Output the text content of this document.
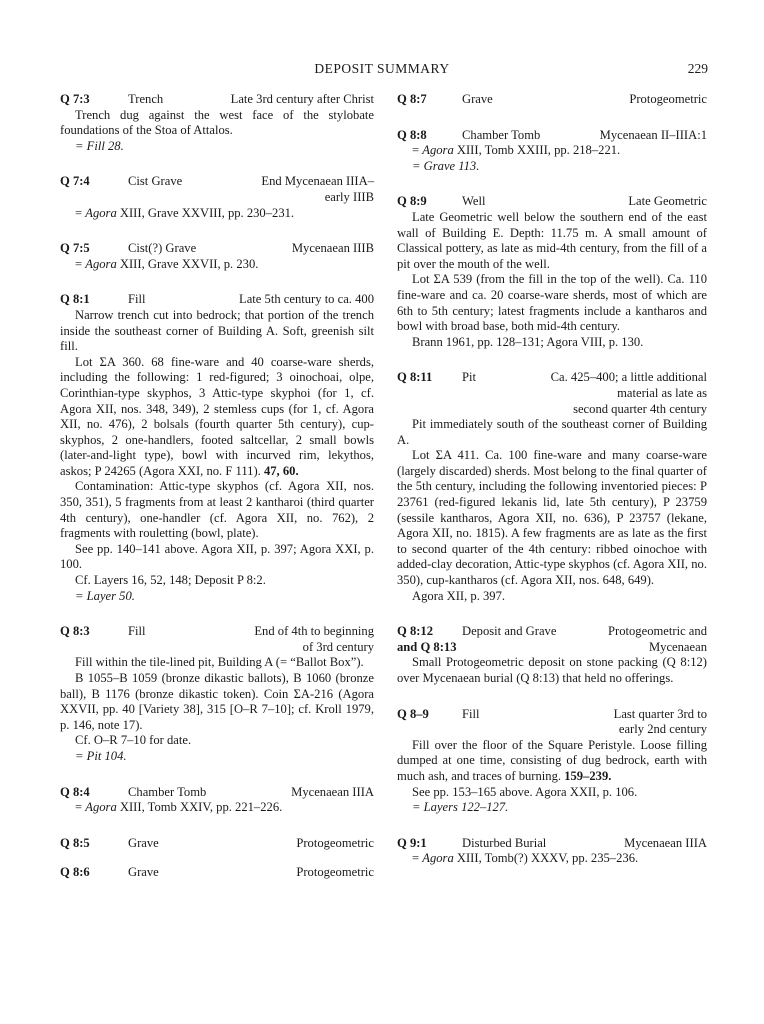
DEPOSIT SUMMARY	229
Q 7:3	Trench	Late 3rd century after Christ
Trench dug against the west face of the stylobate foundations of the Stoa of Attalos.
= Fill 28.
Q 7:4	Cist Grave	End Mycenaean IIIA–
early IIIB
= Agora XIII, Grave XXVIII, pp. 230–231.
Q 7:5	Cist(?) Grave	Mycenaean IIIB
= Agora XIII, Grave XXVII, p. 230.
Q 8:1	Fill	Late 5th century to ca. 400
Narrow trench cut into bedrock; that portion of the trench inside the southeast corner of Building A. Soft, greenish silt fill.
Lot ΣA 360. 68 fine-ware and 40 coarse-ware sherds, including the following: 1 red-figured; 3 oinochoai, olpe, Corinthian-type skyphos, 3 Attic-type skyphoi (for 1, cf. Agora XII, nos. 348, 349), 2 stemless cups (for 1, cf. Agora XII, no. 476), 2 bolsals (fourth quarter 5th century), cup-skyphos, 2 one-handlers, footed saltcellar, 2 small bowls (later-and-light type), bowl with incurved rim, lekythos, askos; P 24265 (Agora XXI, no. F 111). 47, 60.
Contamination: Attic-type skyphos (cf. Agora XII, nos. 350, 351), 5 fragments from at least 2 kantharoi (third quarter 4th century), one-handler (cf. Agora XII, no. 762), 2 fragments with rouletting (bowl, plate).
See pp. 140–141 above. Agora XII, p. 397; Agora XXI, p. 100.
Cf. Layers 16, 52, 148; Deposit P 8:2.
= Layer 50.
Q 8:3	Fill	End of 4th to beginning
of 3rd century
Fill within the tile-lined pit, Building A (= “Ballot Box”).
B 1055–B 1059 (bronze dikastic ballots), B 1060 (bronze ball), B 1176 (bronze dikastic token). Coin ΣA-216 (Agora XXVII, pp. 40 [Variety 38], 315 [O–R 7–10]; cf. Kroll 1979, p. 146, note 17).
Cf. O–R 7–10 for date.
= Pit 104.
Q 8:4	Chamber Tomb	Mycenaean IIIA
= Agora XIII, Tomb XXIV, pp. 221–226.
Q 8:5	Grave	Protogeometric
Q 8:6	Grave	Protogeometric
Q 8:7	Grave	Protogeometric
Q 8:8	Chamber Tomb	Mycenaean II–IIIA:1
= Agora XIII, Tomb XXIII, pp. 218–221.
= Grave 113.
Q 8:9	Well	Late Geometric
Late Geometric well below the southern end of the east wall of Building E. Depth: 11.75 m. A small amount of Classical pottery, as late as mid-4th century, from the fill of a pit over the mouth of the well.
Lot ΣA 539 (from the fill in the top of the well). Ca. 110 fine-ware and ca. 20 coarse-ware sherds, most of which are 6th to 5th century; latest fragments include a kantharos and bowl with broad base, both mid-4th century.
Brann 1961, pp. 128–131; Agora VIII, p. 130.
Q 8:11	Pit	Ca. 425–400; a little additional
material as late as
second quarter 4th century
Pit immediately south of the southeast corner of Building A.
Lot ΣA 411. Ca. 100 fine-ware and many coarse-ware (largely discarded) sherds. Most belong to the final quarter of the 5th century, including the following inventoried pieces: P 23761 (red-figured lekanis lid, late 5th century), P 23759 (sessile kantharos, Agora XII, no. 636), P 23757 (lekane, Agora XII, no. 1815). A few fragments are as late as the first to second quarter of the 4th century: ribbed oinochoe with added-clay decoration, Attic-type skyphos (cf. Agora XII, no. 350), cup-kantharos (cf. Agora XII, nos. 648, 649).
Agora XII, p. 397.
Q 8:12	Deposit and Grave	Protogeometric and
and Q 8:13	Mycenaean
Small Protogeometric deposit on stone packing (Q 8:12) over Mycenaean burial (Q 8:13) that held no offerings.
Q 8–9	Fill	Last quarter 3rd to
early 2nd century
Fill over the floor of the Square Peristyle. Loose filling dumped at one time, consisting of dug bedrock, earth with much ash, and traces of burning. 159–239.
See pp. 153–165 above. Agora XXII, p. 106.
= Layers 122–127.
Q 9:1	Disturbed Burial	Mycenaean IIIA
= Agora XIII, Tomb(?) XXXV, pp. 235–236.
